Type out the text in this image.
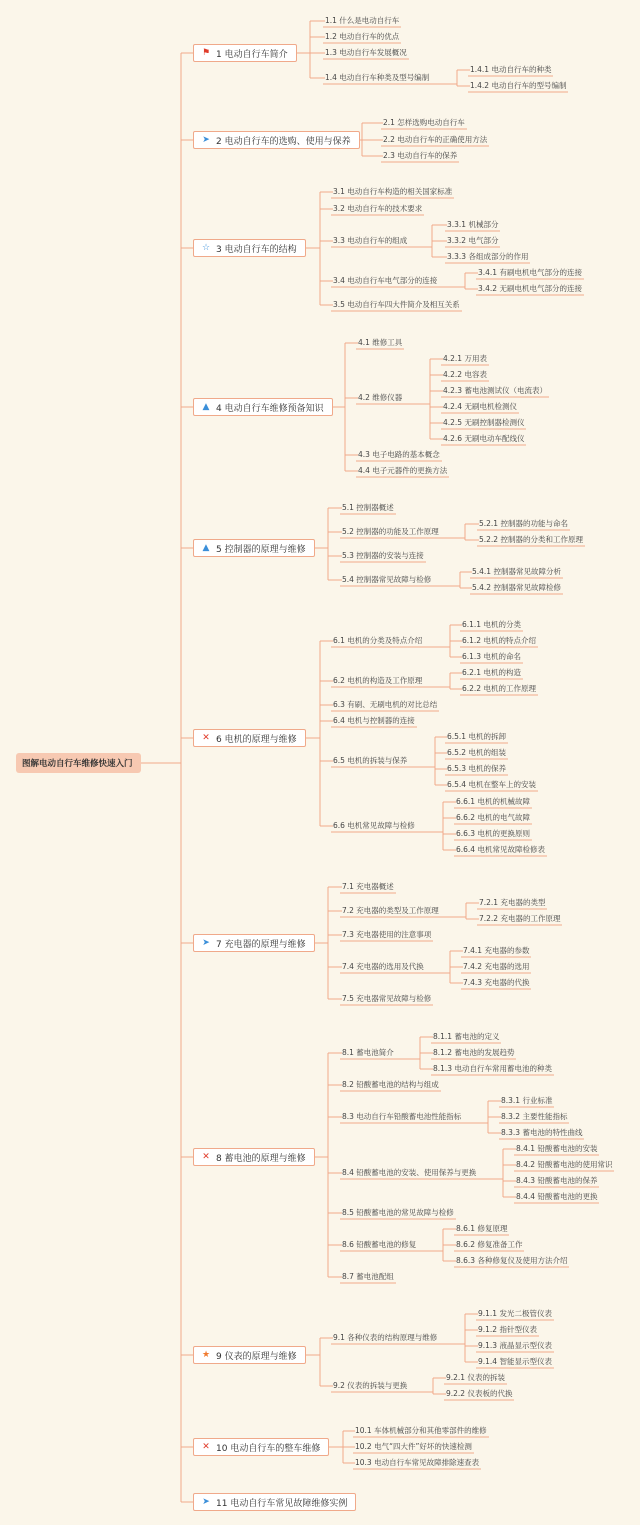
图解电动自行车维修快速入门
⚑ 1 电动自行车简介
1.1 什么是电动自行车
1.2 电动自行车的优点
1.3 电动自行车发展概况
1.4 电动自行车种类及型号编制
1.4.1 电动自行车的种类
1.4.2 电动自行车的型号编制
➤ 2 电动自行车的选购、使用与保养
2.1 怎样选购电动自行车
2.2 电动自行车的正确使用方法
2.3 电动自行车的保养
☆ 3 电动自行车的结构
3.1 电动自行车构造的相关国家标准
3.2 电动自行车的技术要求
3.3 电动自行车的组成
3.3.1 机械部分
3.3.2 电气部分
3.3.3 各组成部分的作用
3.4 电动自行车电气部分的连接
3.4.1 有刷电机电气部分的连接
3.4.2 无刷电机电气部分的连接
3.5 电动自行车四大件简介及相互关系
▲ 4 电动自行车维修预备知识
4.1 维修工具
4.2 维修仪器
4.2.1 万用表
4.2.2 电容表
4.2.3 蓄电池测试仪（电流表）
4.2.4 无刷电机检测仪
4.2.5 无刷控制器检测仪
4.2.6 无刷电动车配线仪
4.3 电子电路的基本概念
4.4 电子元器件的更换方法
▲ 5 控制器的原理与维修
5.1 控制器概述
5.2 控制器的功能及工作原理
5.2.1 控制器的功能与命名
5.2.2 控制器的分类和工作原理
5.3 控制器的安装与连接
5.4 控制器常见故障与检修
5.4.1 控制器常见故障分析
5.4.2 控制器常见故障检修
✕ 6 电机的原理与维修
6.1 电机的分类及特点介绍
6.1.1 电机的分类
6.1.2 电机的特点介绍
6.1.3 电机的命名
6.2 电机的构造及工作原理
6.2.1 电机的构造
6.2.2 电机的工作原理
6.3 有刷、无刷电机的对比总结
6.4 电机与控制器的连接
6.5 电机的拆装与保养
6.5.1 电机的拆卸
6.5.2 电机的组装
6.5.3 电机的保养
6.5.4 电机在整车上的安装
6.6 电机常见故障与检修
6.6.1 电机的机械故障
6.6.2 电机的电气故障
6.6.3 电机的更换原则
6.6.4 电机常见故障检修表
➤ 7 充电器的原理与维修
7.1 充电器概述
7.2 充电器的类型及工作原理
7.2.1 充电器的类型
7.2.2 充电器的工作原理
7.3 充电器使用的注意事项
7.4 充电器的选用及代换
7.4.1 充电器的参数
7.4.2 充电器的选用
7.4.3 充电器的代换
7.5 充电器常见故障与检修
✕ 8 蓄电池的原理与维修
8.1 蓄电池简介
8.1.1 蓄电池的定义
8.1.2 蓄电池的发展趋势
8.1.3 电动自行车常用蓄电池的种类
8.2 铅酸蓄电池的结构与组成
8.3 电动自行车铅酸蓄电池性能指标
8.3.1 行业标准
8.3.2 主要性能指标
8.3.3 蓄电池的特性曲线
8.4 铅酸蓄电池的安装、使用保养与更换
8.4.1 铅酸蓄电池的安装
8.4.2 铅酸蓄电池的使用常识
8.4.3 铅酸蓄电池的保养
8.4.4 铅酸蓄电池的更换
8.5 铅酸蓄电池的常见故障与检修
8.6 铅酸蓄电池的修复
8.6.1 修复原理
8.6.2 修复准备工作
8.6.3 各种修复仪及使用方法介绍
8.7 蓄电池配组
★ 9 仪表的原理与维修
9.1 各种仪表的结构原理与维修
9.1.1 发光二极管仪表
9.1.2 指针型仪表
9.1.3 液晶显示型仪表
9.1.4 智能显示型仪表
9.2 仪表的拆装与更换
9.2.1 仪表的拆装
9.2.2 仪表板的代换
✕ 10 电动自行车的整车维修
10.1 车体机械部分和其他零部件的维修
10.2 电气“四大件”好坏的快速检测
10.3 电动自行车常见故障排除速查表
➤ 11 电动自行车常见故障维修实例
